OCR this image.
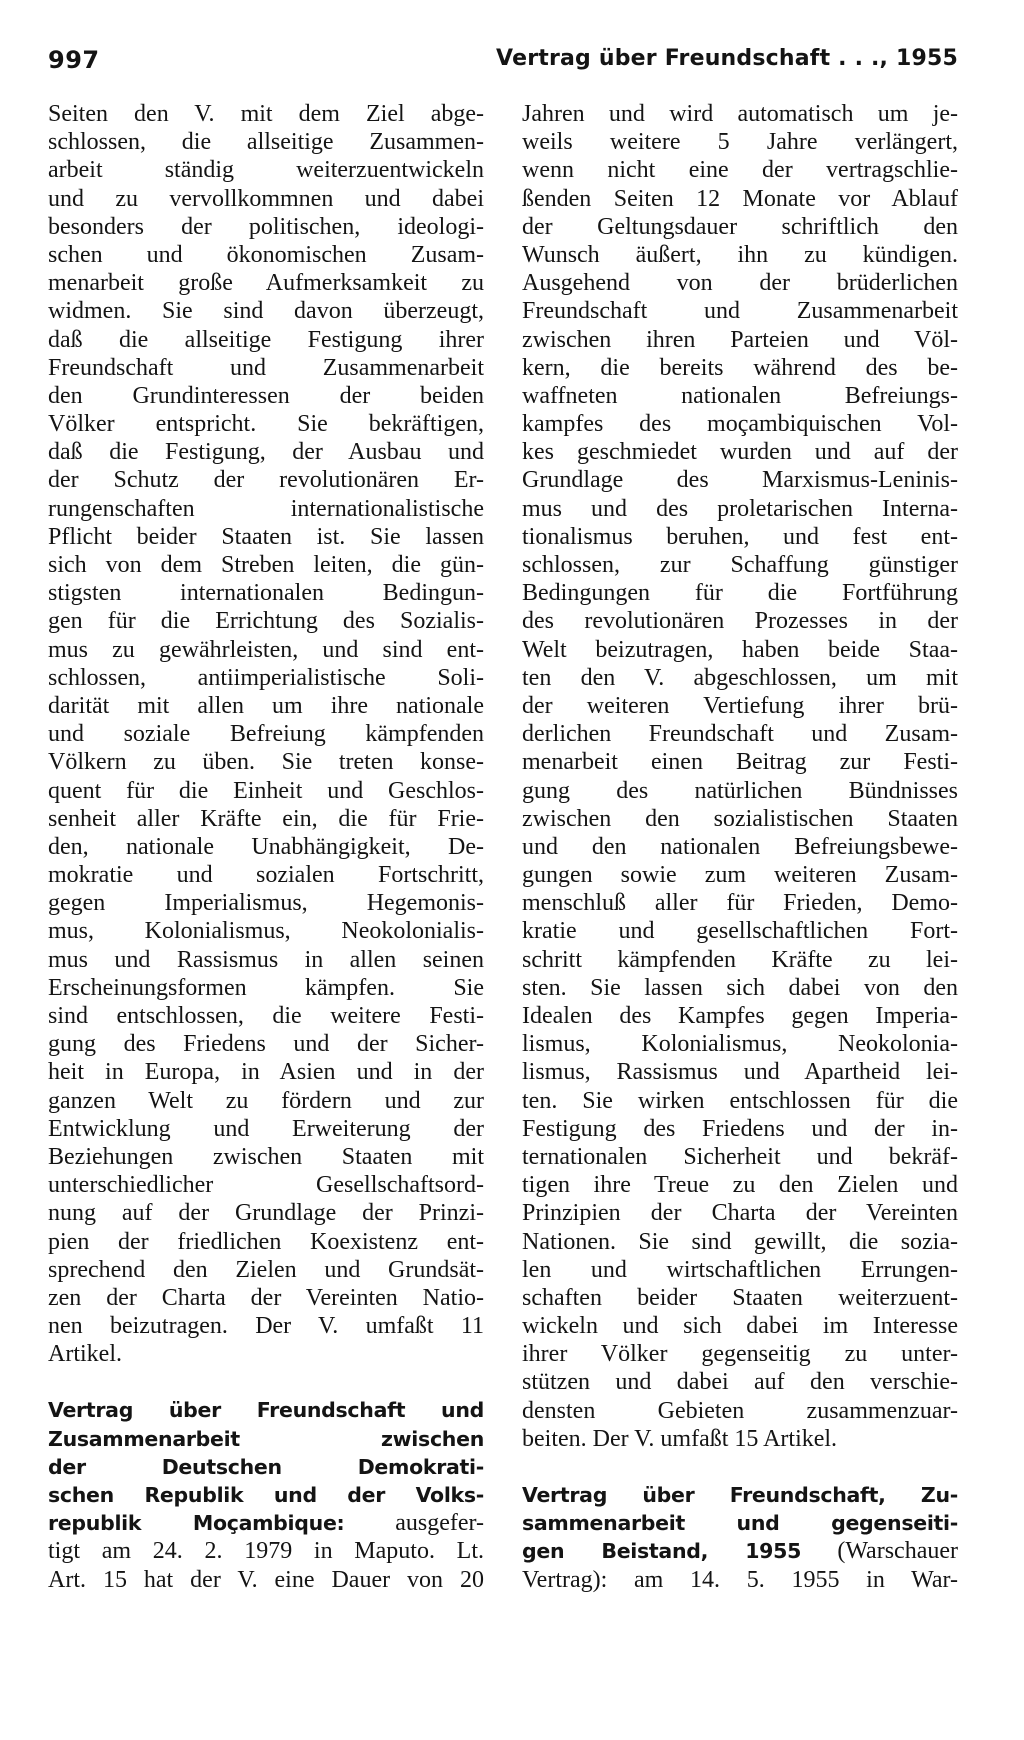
997	Vertrag über Freundschaft . . ., 1955
Seiten den V. mit dem Ziel abge-
schlossen, die allseitige Zusammen-
arbeit ständig weiterzuentwickeln
und zu vervollkommnen und dabei
besonders der politischen, ideologi-
schen und ökonomischen Zusam-
menarbeit große Aufmerksamkeit zu
widmen. Sie sind davon überzeugt,
daß die allseitige Festigung ihrer
Freundschaft und Zusammenarbeit
den Grundinteressen der beiden
Völker entspricht. Sie bekräftigen,
daß die Festigung, der Ausbau und
der Schutz der revolutionären Er-
rungenschaften internationalistische
Pflicht beider Staaten ist. Sie lassen
sich von dem Streben leiten, die gün-
stigsten internationalen Bedingun-
gen für die Errichtung des Sozialis-
mus zu gewährleisten, und sind ent-
schlossen, antiimperialistische Soli-
darität mit allen um ihre nationale
und soziale Befreiung kämpfenden
Völkern zu üben. Sie treten konse-
quent für die Einheit und Geschlos-
senheit aller Kräfte ein, die für Frie-
den, nationale Unabhängigkeit, De-
mokratie und sozialen Fortschritt,
gegen Imperialismus, Hegemonis-
mus, Kolonialismus, Neokolonialis-
mus und Rassismus in allen seinen
Erscheinungsformen kämpfen. Sie
sind entschlossen, die weitere Festi-
gung des Friedens und der Sicher-
heit in Europa, in Asien und in der
ganzen Welt zu fördern und zur
Entwicklung und Erweiterung der
Beziehungen zwischen Staaten mit
unterschiedlicher Gesellschaftsord-
nung auf der Grundlage der Prinzi-
pien der friedlichen Koexistenz ent-
sprechend den Zielen und Grundsät-
zen der Charta der Vereinten Natio-
nen beizutragen. Der V. umfaßt 11
Artikel.
Vertrag über Freundschaft und
Zusammenarbeit zwischen
der Deutschen Demokrati-
schen Republik und der Volks-
republik Moçambique: ausgefer-
tigt am 24. 2. 1979 in Maputo. Lt.
Art. 15 hat der V. eine Dauer von 20
Jahren und wird automatisch um je-
weils weitere 5 Jahre verlängert,
wenn nicht eine der vertragschlie-
ßenden Seiten 12 Monate vor Ablauf
der Geltungsdauer schriftlich den
Wunsch äußert, ihn zu kündigen.
Ausgehend von der brüderlichen
Freundschaft und Zusammenarbeit
zwischen ihren Parteien und Völ-
kern, die bereits während des be-
waffneten nationalen Befreiungs-
kampfes des moçambiquischen Vol-
kes geschmiedet wurden und auf der
Grundlage des Marxismus-Leninis-
mus und des proletarischen Interna-
tionalismus beruhen, und fest ent-
schlossen, zur Schaffung günstiger
Bedingungen für die Fortführung
des revolutionären Prozesses in der
Welt beizutragen, haben beide Staa-
ten den V. abgeschlossen, um mit
der weiteren Vertiefung ihrer brü-
derlichen Freundschaft und Zusam-
menarbeit einen Beitrag zur Festi-
gung des natürlichen Bündnisses
zwischen den sozialistischen Staaten
und den nationalen Befreiungsbewe-
gungen sowie zum weiteren Zusam-
menschluß aller für Frieden, Demo-
kratie und gesellschaftlichen Fort-
schritt kämpfenden Kräfte zu lei-
sten. Sie lassen sich dabei von den
Idealen des Kampfes gegen Imperia-
lismus, Kolonialismus, Neokolonia-
lismus, Rassismus und Apartheid lei-
ten. Sie wirken entschlossen für die
Festigung des Friedens und der in-
ternationalen Sicherheit und bekräf-
tigen ihre Treue zu den Zielen und
Prinzipien der Charta der Vereinten
Nationen. Sie sind gewillt, die sozia-
len und wirtschaftlichen Errungen-
schaften beider Staaten weiterzuent-
wickeln und sich dabei im Interesse
ihrer Völker gegenseitig zu unter-
stützen und dabei auf den verschie-
densten Gebieten zusammenzuar-
beiten. Der V. umfaßt 15 Artikel.
Vertrag über Freundschaft, Zu-
sammenarbeit und gegenseiti-
gen Beistand, 1955 (Warschauer
Vertrag): am 14. 5. 1955 in War-
